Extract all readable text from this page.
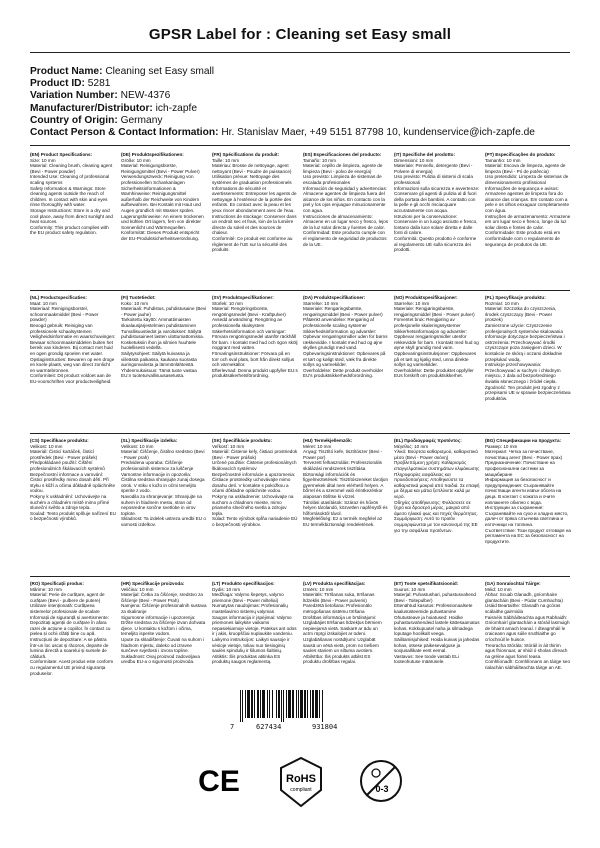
GPSR Label for : Cleaning set Easy small
Product Name: Cleaning set Easy small
Product ID: 5281
Variation Number: NEW-4376
Manufacturer/Distributor: ich-zapfe
Country of Origin: Germany
Contact Person & Contact Information: Hr. Stanislav Maer, +49 5151 87798 10, kundenservice@ich-zapfe.de

(EN) Product Specifications:

Size: 10 mm
Material: Cleaning brush, cleaning agent (Bevi - Power powder)
Intended Use: Cleaning of professional scaling systems
Safety Information & Warnings: Store cleaning agents outside the reach of children. In contact with skin and eyes rinse thoroughly with water.
Storage Instructions: Store in a dry and cool place, away from direct sunlight and heat sources.
Conformity: This product complies with the EU product safety regulation.

(DE) Produktspezifikationen:

Größe: 10 mm
Material: Reinigungsbürste, Reinigungsmittel (Bevi - Power Pulver)
Verwendungszweck: Reinigung von professionellen Schankanlagen
Sicherheitsinformationen & Warnhinweise: Reinigungsmittel außerhalb der Reichweite von Kindern aufbewahren. Bei Kontakt mit Haut und Augen gründlich mit Wasser spülen.
Lagerungshinweise: An einem trockenen und kühlen Ort lagern, fern von direkter Sonnenlicht und Wärmequellen.
Konformität: Dieses Produkt entspricht der EU-Produktsicherheitsverordnung.

(FR) Spécifications du produit:

Taille: 10 mm
Matériau: Brosse de nettoyage, agent nettoyant (Bevi - Poudre de puissance)
Utilisation prévue: Nettoyage des systèmes de graduation professionnels
Informations de sécurité et avertissements: Entreposer les agents de nettoyage à l'extérieur de la portée des enfants. En contact avec la peau et les yeux rincer abondamment avec de l'eau.
Instructions de stockage: Conserver dans un endroit sec et frais, loin de la lumière directe du soleil et des sources de chaleur.
Conformité: Ce produit est conforme au règlement de l'UE sur la sécurité des produits.

(ES) Especificaciones del producto:

Tamaño: 10 mm
Material: cepillo de limpieza, agente de limpieza (Bevi - polvo de energía)
Uso previsto: Limpieza de sistemas de escalada profesionales
Información de seguridad y advertencias: Almacene agentes de limpieza fuera del alcance de los niños. En contacto con la piel y los ojos enjuague minuciosamente con agua.
Instrucciones de almacenamiento: Almacene en un lugar seco y fresco, lejos de la luz solar directa y fuentes de calor.
Conformidad: Este producto cumple con el reglamento de seguridad de productos de la UE.

(IT) Specifiche del prodotto:

Dimensioni: 10 mm
Materiale: Pennello, detergente (Bevi - Polvere di energia)
Uso previsto: Pulizia di sistemi di scala professionali
Informazioni sulla sicurezza e avvertenze: Conservare gli agenti di pulizia al di fuori della portata dei bambini. A contatto con la pelle e gli occhi risciacquare accuratamente con acqua.
Istruzioni per la conservazione: Conservare in un luogo asciutto e fresco, lontano dalla luce solare diretta e dalle fonti di calore.
Conformità: Questo prodotto è conforme al regolamento UE sulla sicurezza dei prodotti.

(PT) Especificações do produto:

Tamanho: 10 mm
Material: Escova de limpeza, agente de limpeza (Bevi - Pó de potência)
Uso pretendido: Limpeza de sistemas de dimensionamento profissional
Informações de segurança e avisos: Armazene agentes de limpeza fora do alcance das crianças. Em contato com a pele e os olhos enxaguar completamente com água.
Instruções de armazenamento: Armazene em um lugar seco e fresco, longe da luz solar direta e fontes de calor.
Conformidade: Este produto está em conformidade com o regulamento de segurança de produtos da UE.

(NL) Productspecificaties:

Maat: 10 mm
Materiaal: Reinigingsborstel, schoonmaakmiddel (Bevi - Power powder)
Beoogd gebruik: Reiniging van professionele schaalsystemen
Veiligheidsinformatie en waarschuwingen: Bewaar schoonmaakmiddelen buiten het bereik van kinderen. Bij contact met huid en ogen grondig spoelen met water.
Opslaginstructies: Bewaren op een droge en koele plaats, weg van direct zonlicht en warmtebronnen.
Conformiteit: Dit product voldoet aan de EU-voorschriften voor productveiligheid.

(FI) Tuotetiedot:

Koko: 10 mm
Materiaali: Puhdistus, puhdistusaine (Bevi - Power jauhe)
Tarkoitettu käyttö: Ammattimaisten skaalausjärjestelmien puhdistaminen
Turvallisuustiedot ja varoitukset: Säilytä puhdistusaineet lasten ulottumattomissa. Kosketuksiin ihon ja silmien huuhtele huolellisesti vedellä.
Säilytysohjeet: Säilytä kuivassa ja viileässä paikassa, kaukana suorasta auringonvalosta ja lämmönlähteistä.
Yhdenmukaisuus: Tämä tuote vastaa EU:n tuoteturvallisuusasetusta.

(SV) Produktspecifikationer:

Storlek: 10 mm
Material: Rengöringsborste, rengöringsmedel (Bevi - Kraftpulver)
Avsedd användning: Rengöring av professionella skalsystem
Säkerhetsinformation och varningar: Förvara rengöringsmedel utanför räckhåll för barn. I kontakt med hud och ögon skölj noggrant med vatten.
Förvaringsinstruktioner: Förvara på en torr och sval plats, bort från direkt solljus och värmekällor.
Efterlevnad: Denna produkt uppfyller EU:s produktsäkerhetsförordning.

(DA) Produktspecifikationer:

Størrelse: 10 mm
Materiale: Rengøringsbørste, rengøringsmiddel (Bevi - Power pulver)
Påtænkt anvendelse: Rengøring af professionelle scaling systemer
Sikkerhedsinformation og advarsler: Opbevar rengøringsmidler uden for børns rækkevidde. I kontakt med hud og øjne skylles grundigt med vand.
Opbevaringsinstruktioner: Opbevares på et tørt og køligt sted, væk fra direkte sollys og varmekilder.
Overholdelse: Dette produkt overholder EU's produktsikkerhedsforordning.

(NO) Produktspesifikasjoner:

Størrelse: 10 mm
Materiale: Rengjøringsbørste, rengjøringsmiddel (Bevi - Power pulver)
Forventet bruk: Rengjøring av profesjonelle skaleringssystemer
Sikkerhetsinformasjon og advarsler: Oppbevar rengjøringsmidler utenfor rekkevidde for barn. I kontakt med hud og øyne skyll grundig med vann.
Oppbevaringsinstruksjoner: Oppbevares på et tørt og kjølig sted, unna direkte sollys og varmekilder.
Overholdelse: Dette produktet oppfyller EUs forskrift om produktsikkerhet.

(PL) Specyfikacje produktu:

Rozmiar: 10 mm
Materiał: Szczotka do czyszczenia, środek czyszczący (Bevi - Power proszek)
Zamierzone użycie: Czyszczenie profesjonalnych systemów skalowania
Informacje dotyczące bezpieczeństwa i ostrzeżenia: Przechowywać środki czyszczące poza zasięgiem dzieci. W kontakcie ze skórą i oczami dokładnie przepłukać wodą.
Instrukcje przechowywania: Przechowywać w suchym i chłodnym miejscu, z dala od bezpośredniego światła słonecznego i źródeł ciepła.
Zgodność: Ten produkt jest zgodny z przepisami UE w sprawie bezpieczeństwa produktów.

(CS) Specifikace produktu:

Velikost: 10 mm
Materiál: Čisticí kartáček, čisticí prostředek (Bevi - Power prášek)
Předpokládané použití: Čištění profesionálních škálovacích systémů
Bezpečnostní informace a varování: Čisticí prostředky mimo dosah dětí. Při styku s kůží a očima důkladně opláchněte vodou.
Pokyny k uskladnění: Uchovávejte na suchém a chladném místě mimo přímé sluneční světlo a zdroje tepla.
Soulad: Tento produkt splňuje nařízení EU o bezpečnosti výrobků.

(SL) Specifikacije izdelka:

Velikost: 10 mm
Material: Čiščenje, čistilno sredstvo (Bevi - Power prah)
Predvidena uporaba: Čiščenje profesionalnih sistemov za luščenje
Varnostne informacije in opozorila: Čistilna sredstva shranjujte zunaj dosega otrok. V stiku s kožo in očmi temeljito sperite z vodo.
Navodila za shranjevanje: Shranjujte na suhem in hladnem mestu, stran od neposredne sončne svetlobe in virov toplote.
Skladnost: Ta izdelek ustreza uredbi EU o varnosti izdelkov.

(SK) Špecifikácie produktu:

Veľkosť: 10 mm
Materiál: Čistenie kefy, čistiaci prostriedok (Bevi - Power prášok)
Určené použitie: Čistenie profesionálnych škálovacích systémov
Bezpečnostné informácie a upozornenia: Čistiace prostriedky uchovávajte mimo dosahu detí. V kontakte s pokožkou a očami dôkladne opláchnite vodou.
Pokyny na uskladnenie: Uchovávajte na suchom a chladnom mieste, mimo priameho slnečného svetla a zdrojov tepla.
Súlad: Tento výrobok spĺňa nariadenie EÚ o bezpečnosti výrobkov.

(HU) Termékjellemzők:

Méret: 10 mm
Anyag: Tisztító kefe, tisztítószer (Bevi - Power por)
Tervezett felhasználás: Professzionális skálázási rendszerek tisztítása
Biztonsági információk és figyelmeztetések: Tisztítószereket tároljon gyermekek által nem elérhető helyen. A bőrrel és a szemmel való érintkezéskor alaposan öblítse ki vízzel.
Tárolási utasítások: Száraz és hűvös helyen tárolandó, közvetlen napfénytől és hőforrásoktól távol.
Megfelelőség: Ez a termék megfelel az EU termékbiztonsági rendeletének.

(EL) Προδιαγραφές προϊόντος:

Μέγεθος: 10 mm
Υλικό: Βούρτσα καθαρισμού, καθαριστικό μέσο (Bevi - Power σκόνη)
Προβλεπόμενη χρήση: Καθαρισμός επαγγελματικών συστημάτων κλιμάκωσης
Πληροφορίες ασφάλειας και προειδοποιήσεις: Αποθηκεύστε τα καθαριστικά μακριά από παιδιά. Σε επαφή με δέρμα και μάτια ξεπλύνετε καλά με νερό.
Οδηγίες αποθήκευσης: Φυλάσσετε σε ξηρό και δροσερό μέρος, μακριά από άμεσο ηλιακό φως και πηγές θερμότητας.
Συμμόρφωση: Αυτό το προϊόν συμμορφώνεται με τον κανονισμό της ΕΕ για την ασφάλεια προϊόντων.

(BG) Спецификации на продукта:

Размер: 10 mm
Материал: Четка за почистване, почистващ агент (Bevi - Power прах)
Предназначение: Почистване на професионални системи за мащабиране
Информация за безопасност и предупреждения: Съхранявайте почистващи агенти извън обсега на деца. В контакт с кожата и очите изплакнете обилно с вода.
Инструкции за съхранение: Съхранявайте на сухо и хладно място, далеч от пряка слънчева светлина и източници на топлина.
Съответствие: Този продукт отговаря на регламента на ЕС за безопасност на продуктите.

(RO) Specificații produs:

Mărime: 10 mm
Material: Perie de curățare, agent de curățare (Bevi - pulbere de putere)
Utilizare intenționată: Curățarea sistemelor profesionale de scalare
Informații de siguranță și avertismente: Depozitați agenții de curățare în afara razei de acțiune a copiilor. În contact cu pielea și ochii clătiți bine cu apă.
Instrucțiuni de depozitare: A se păstra într-un loc uscat și răcoros, departe de lumina directă a soarelui și sursele de căldură.
Conformitate: Acest produs este conform cu regulamentul UE privind siguranța produselor.

(HR) Specifikacije proizvoda:

Veličina: 10 mm
Materijal: Četka za čišćenje, sredstvo za čišćenje (Bevi - Power Prah)
Namjena: Čišćenje profesionalnih sustava za skaliranje
Sigurnosne informacije i upozorenja: Držite sredstva za čišćenje izvan dohvata djece. U kontaktu s kožom i očima, temeljito isperite vodom.
Upute za skladištenje: Čuvati na suhom i hladnom mjestu, daleko od izravne sunčeve svjetlosti i izvora topline.
Sukladnost: Ovaj proizvod zadovoljava uredbu EU-a o sigurnosti proizvoda.

(LT) Produkto specifikacijos:

Dydis: 10 mm
Medžiaga: Valymo šepetys, valymo priemonė (Bevi - Power milteliai)
Numatytas naudojimas: Profesionalių masteliavimo sistemų valymas
Saugos informacija ir įspėjimai: Valymo priemones laikykite vaikams nepasiekiamoje vietoje. Patekus ant odos ir į akis, kruopščiai nuplaukite vandeniu.
Laikymo instrukcijos: Laikyti sausoje ir vėsioje vietoje, toliau nuo tiesioginių saulės spindulių ir šilumos šaltinių.
Atitiktis: Šis produktas atitinka ES produktų saugos reglamentą.

(LV) Produkta specifikācijas:

Izmērs: 10 mm
Materiāls: Tīrīšanas suka, tīrīšanas līdzeklis (Bevi - Power pulveris)
Paredzētā lietošana: Profesionālo mērogošanas sistēmu tīrīšana
Drošības informācija un brīdinājumi: Uzglabājiet tīrīšanas līdzekļus bērniem nepieejamā vietā. Saskarē ar ādu un acīm rūpīgi izskalojiet ar ūdeni.
Uzglabāšanas norādījumi: Uzglabāt sausā un vēsā vietā, prom no tiešiem saules stariem un siltuma avotiem.
Atbilstība: Šis produkts atbilst ES produktu drošības regulai.

(ET) Toote spetsifikatsioonid:

Suurus: 10 mm
Materjal: Puhastushari, puhastusvahend (Bevi - Toitepulber)
Ettenähtud kasutus: Professionaalsete kaalusüsteemide puhastamine
Ohutusteave ja hoiatused: Hoidke puhastusvahendeid lastele kättesaamatus kohas. Kokkupuutel naha ja silmadega loputage hoolikalt veega.
Säilitamisjuhised: Hoida kuivas ja jahedas kohas, otsese päikesevalguse ja soojusallikate eest eemal.
Vastavus: See toode vastab ELi tooteohutuse määrusele.

(GA) Sonraíochtaí Táirge:

Méid: 10 mm
Ábhar: Scuab Glanadh, gníomhaire glantacháin (Bevi - Púdar Cumhachta)
Úsáid Beartaithe: Glanadh na gcóras scálaithe gairmiúla
Faisnéis Sábháilteachta agus Rabhaidh: Gníomhairí glantacháin a stóráil lasmuigh de bhaint amach leanaí. I dteagmháil le craiceann agus súile sruthlaithe go críochnúil le huisce.
Treoracha Stórála: Stóráil in áit thirim agus fhionnuar, ar shiúl ó sholas díreach na gréine agus foinsí teasa.
Comhlíonadh: Comhlíonann an táirge seo rialachán sábháilteachta táirge an AE.

7	627434	931804
CE	RoHS
compliant	0-3
